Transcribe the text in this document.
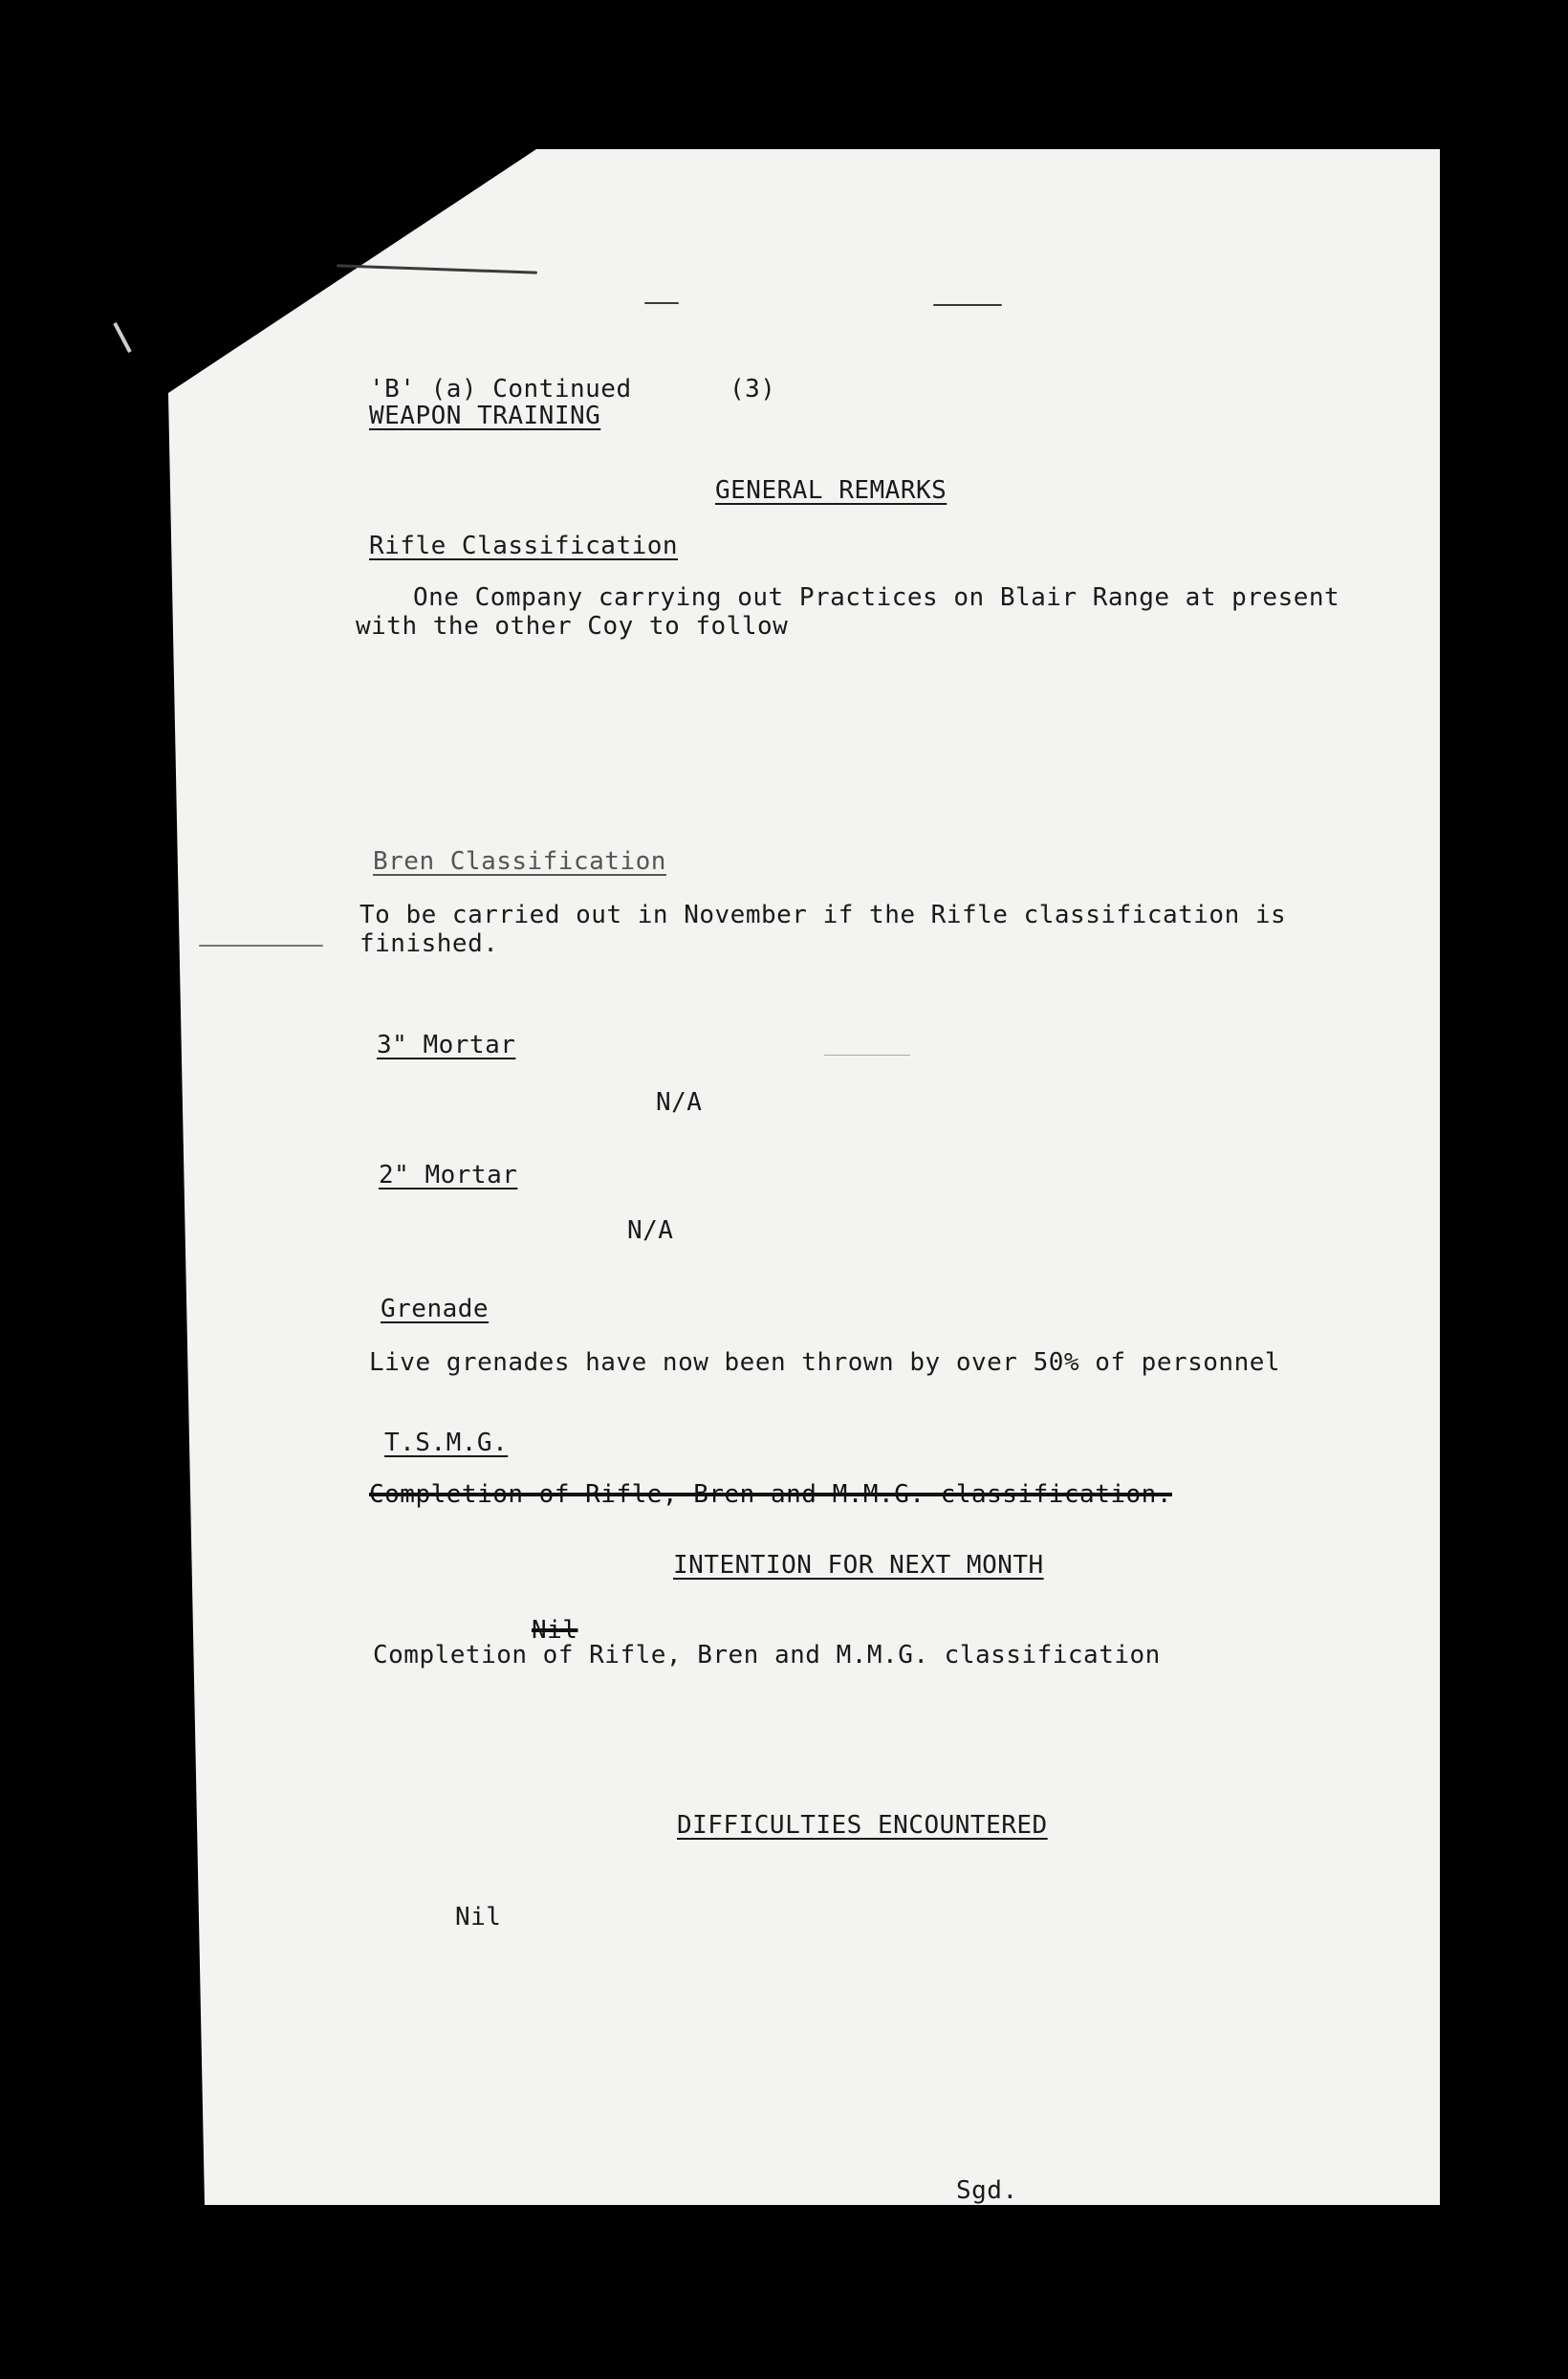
'B' (a) Continued	(3)

WEAPON TRAINING

GENERAL REMARKS

Rifle Classification

One Company carrying out Practices on Blair Range at present

with the other Coy to follow

Bren Classification

To be carried out in November if the Rifle classification is

finished.

3" Mortar

N/A

2" Mortar

N/A

Grenade

Live grenades have now been thrown by over 50% of personnel

T.S.M.G.

Completion of Rifle, Bren and M.M.G. classification.

INTENTION FOR NEXT MONTH

Nil

Completion of Rifle, Bren and M.M.G. classification

DIFFICULTIES ENCOUNTERED

Nil

Sgd.
